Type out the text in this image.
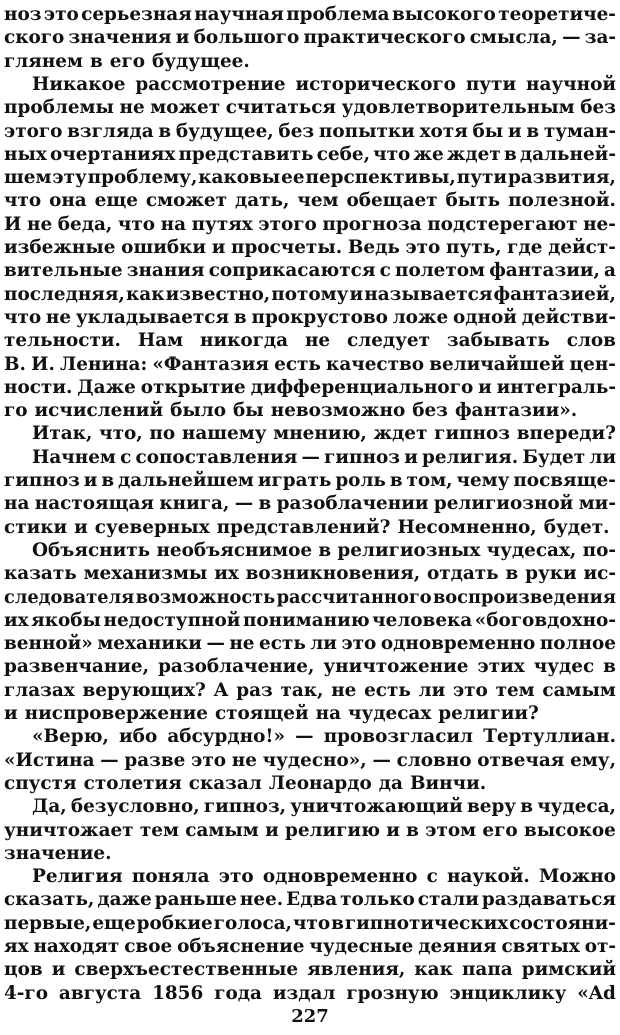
ноз это серьезная научная проблема высокого теоретиче-
ского значения и большого практического смысла, — за-
глянем в его будущее.
Никакое рассмотрение исторического пути научной
проблемы не может считаться удовлетворительным без
этого взгляда в будущее, без попытки хотя бы и в туман-
ных очертаниях представить себе, что же ждет в дальней-
шем эту проблему, каковы ее перспективы, пути развития,
что она еще сможет дать, чем обещает быть полезной.
И не беда, что на путях этого прогноза подстерегают не-
избежные ошибки и просчеты. Ведь это путь, где дейст-
вительные знания соприкасаются с полетом фантазии, а
последняя, как известно, потому и называется фантазией,
что не укладывается в прокрустово ложе одной действи-
тельности. Нам никогда не следует забывать слов
В. И. Ленина: «Фантазия есть качество величайшей цен-
ности. Даже открытие дифференциального и интеграль-
го исчислений было бы невозможно без фантазии».
Итак, что, по нашему мнению, ждет гипноз впереди?
Начнем с сопоставления — гипноз и религия. Будет ли
гипноз и в дальнейшем играть роль в том, чему посвяще-
на настоящая книга, — в разоблачении религиозной ми-
стики и суеверных представлений? Несомненно, будет.
Объяснить необъяснимое в религиозных чудесах, по-
казать механизмы их возникновения, отдать в руки ис-
следователя возможность рассчитанного воспроизведения
их якобы недоступной пониманию человека «боговдохно-
венной» механики — не есть ли это одновременно полное
развенчание, разоблачение, уничтожение этих чудес в
глазах верующих? А раз так, не есть ли это тем самым
и ниспровержение стоящей на чудесах религии?
«Верю, ибо абсурдно!» — провозгласил Тертуллиан.
«Истина — разве это не чудесно», — словно отвечая ему,
спустя столетия сказал Леонардо да Винчи.
Да, безусловно, гипноз, уничтожающий веру в чудеса,
уничтожает тем самым и религию и в этом его высокое
значение.
Религия поняла это одновременно с наукой. Можно
сказать, даже раньше нее. Едва только стали раздаваться
первые, еще робкие голоса, что в гипнотических состояни-
ях находят свое объяснение чудесные деяния святых от-
цов и сверхъестественные явления, как папа римский
4-го августа 1856 года издал грозную энциклику «Ad
227
